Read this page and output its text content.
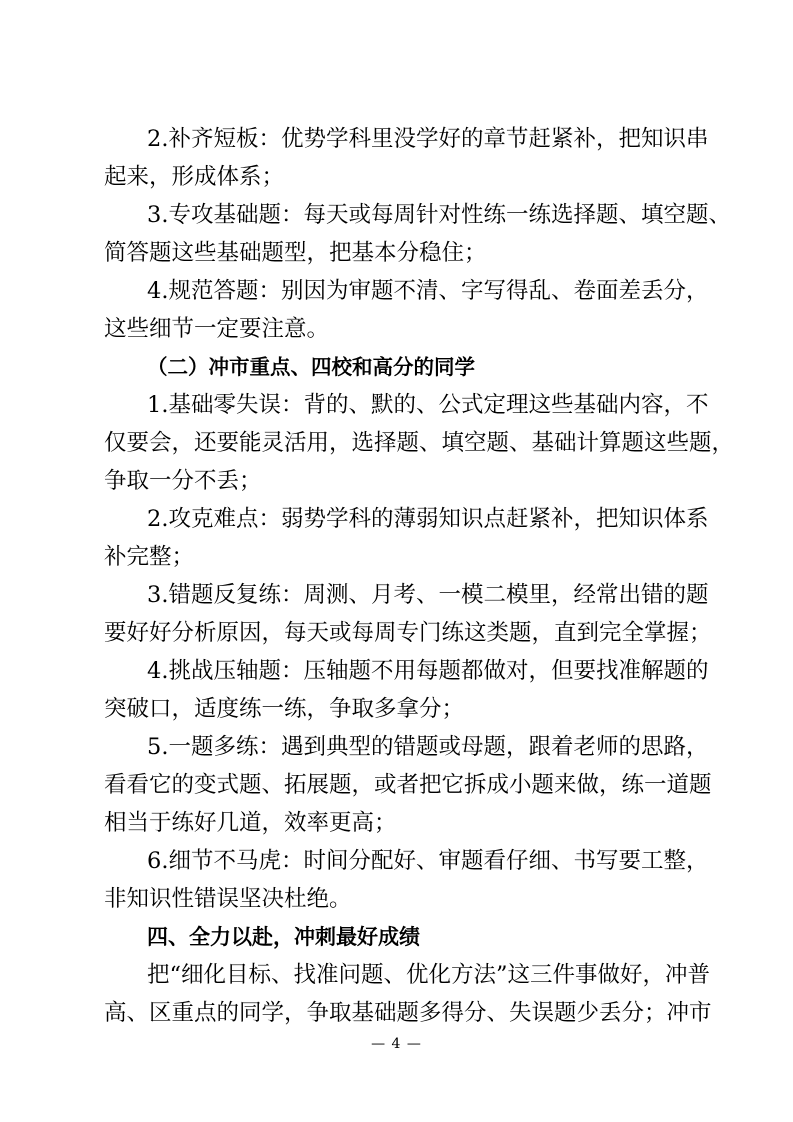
2.补齐短板：优势学科里没学好的章节赶紧补，把知识串
起来，形成体系；
3.专攻基础题：每天或每周针对性练一练选择题、填空题、
简答题这些基础题型，把基本分稳住；
4.规范答题：别因为审题不清、字写得乱、卷面差丢分，
这些细节一定要注意。
（二）冲市重点、四校和高分的同学
1.基础零失误：背的、默的、公式定理这些基础内容，不
仅要会，还要能灵活用，选择题、填空题、基础计算题这些题，
争取一分不丢；
2.攻克难点：弱势学科的薄弱知识点赶紧补，把知识体系
补完整；
3.错题反复练：周测、月考、一模二模里，经常出错的题
要好好分析原因，每天或每周专门练这类题，直到完全掌握；
4.挑战压轴题：压轴题不用每题都做对，但要找准解题的
突破口，适度练一练，争取多拿分；
5.一题多练：遇到典型的错题或母题，跟着老师的思路，
看看它的变式题、拓展题，或者把它拆成小题来做，练一道题
相当于练好几道，效率更高；
6.细节不马虎：时间分配好、审题看仔细、书写要工整，
非知识性错误坚决杜绝。
四、全力以赴，冲刺最好成绩
把“细化目标、找准问题、优化方法”这三件事做好，冲普
高、区重点的同学，争取基础题多得分、失误题少丢分；冲市
— 4 —
